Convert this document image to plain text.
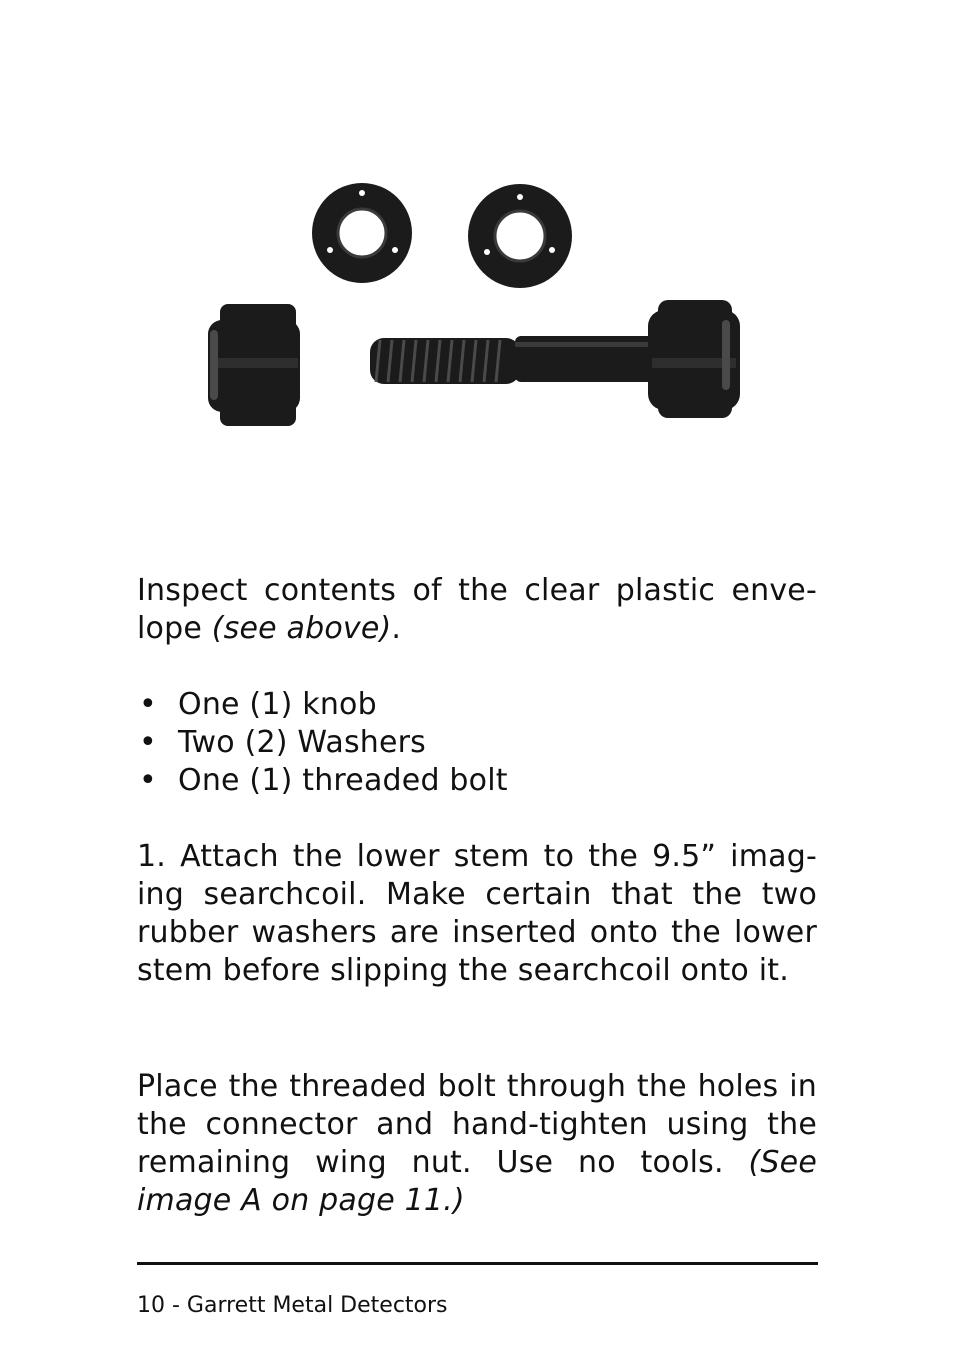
Inspect contents of the clear plastic enve-lope (see above).
• One (1) knob
• Two (2) Washers
• One (1) threaded bolt
1. Attach the lower stem to the 9.5” imag-ing searchcoil. Make certain that the two rubber washers are inserted onto the lower stem before slipping the searchcoil onto it.
Place the threaded bolt through the holes in the connector and hand-tighten using the remaining wing nut. Use no tools. (See image A on page 11.)
10 - Garrett Metal Detectors
